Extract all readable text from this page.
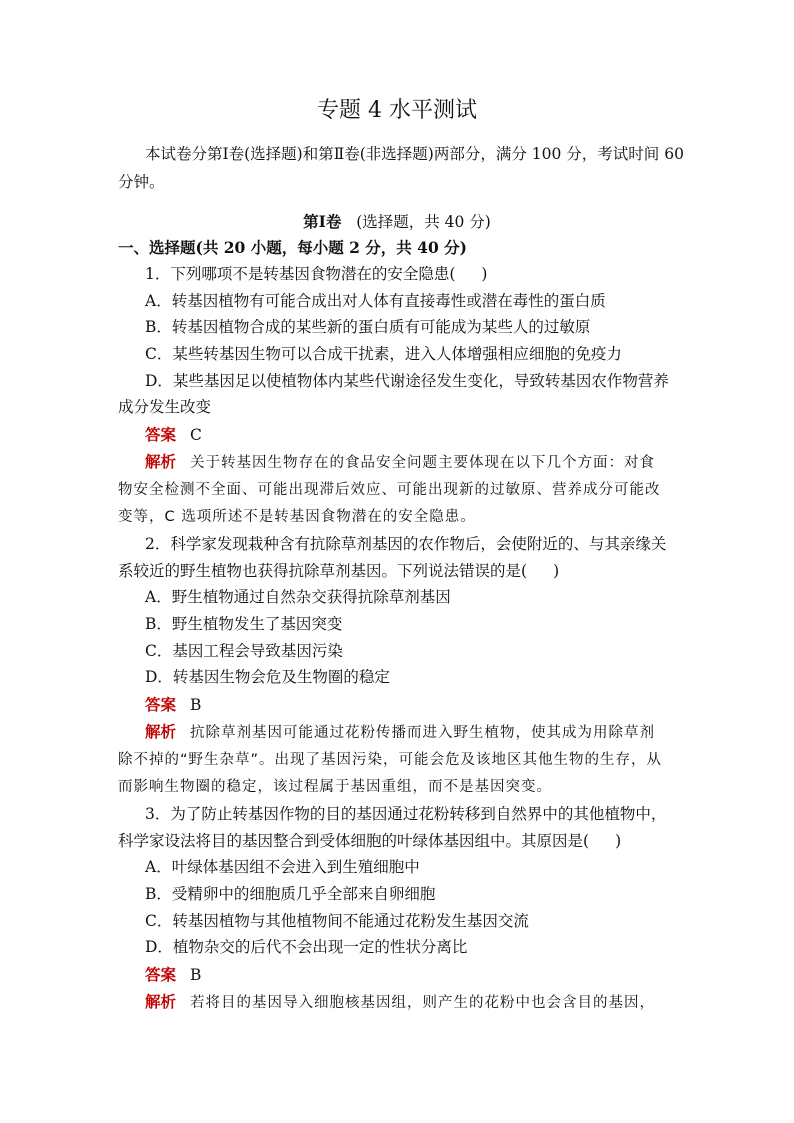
专题 4 水平测试
本试卷分第Ⅰ卷(选择题)和第Ⅱ卷(非选择题)两部分，满分 100 分，考试时间 60
分钟。
第Ⅰ卷 (选择题，共 40 分)
一、选择题(共 20 小题，每小题 2 分，共 40 分)
1．下列哪项不是转基因食物潜在的安全隐患( )
A．转基因植物有可能合成出对人体有直接毒性或潜在毒性的蛋白质
B．转基因植物合成的某些新的蛋白质有可能成为某些人的过敏原
C．某些转基因生物可以合成干扰素，进入人体增强相应细胞的免疫力
D．某些基因足以使植物体内某些代谢途径发生变化，导致转基因农作物营养
成分发生改变
答案 C
解析 关于转基因生物存在的食品安全问题主要体现在以下几个方面：对食
物安全检测不全面、可能出现滞后效应、可能出现新的过敏原、营养成分可能改
变等，C 选项所述不是转基因食物潜在的安全隐患。
2．科学家发现栽种含有抗除草剂基因的农作物后，会使附近的、与其亲缘关
系较近的野生植物也获得抗除草剂基因。下列说法错误的是( )
A．野生植物通过自然杂交获得抗除草剂基因
B．野生植物发生了基因突变
C．基因工程会导致基因污染
D．转基因生物会危及生物圈的稳定
答案 B
解析 抗除草剂基因可能通过花粉传播而进入野生植物，使其成为用除草剂
除不掉的“野生杂草”。出现了基因污染，可能会危及该地区其他生物的生存，从
而影响生物圈的稳定，该过程属于基因重组，而不是基因突变。
3．为了防止转基因作物的目的基因通过花粉转移到自然界中的其他植物中，
科学家设法将目的基因整合到受体细胞的叶绿体基因组中。其原因是( )
A．叶绿体基因组不会进入到生殖细胞中
B．受精卵中的细胞质几乎全部来自卵细胞
C．转基因植物与其他植物间不能通过花粉发生基因交流
D．植物杂交的后代不会出现一定的性状分离比
答案 B
解析 若将目的基因导入细胞核基因组，则产生的花粉中也会含目的基因，
